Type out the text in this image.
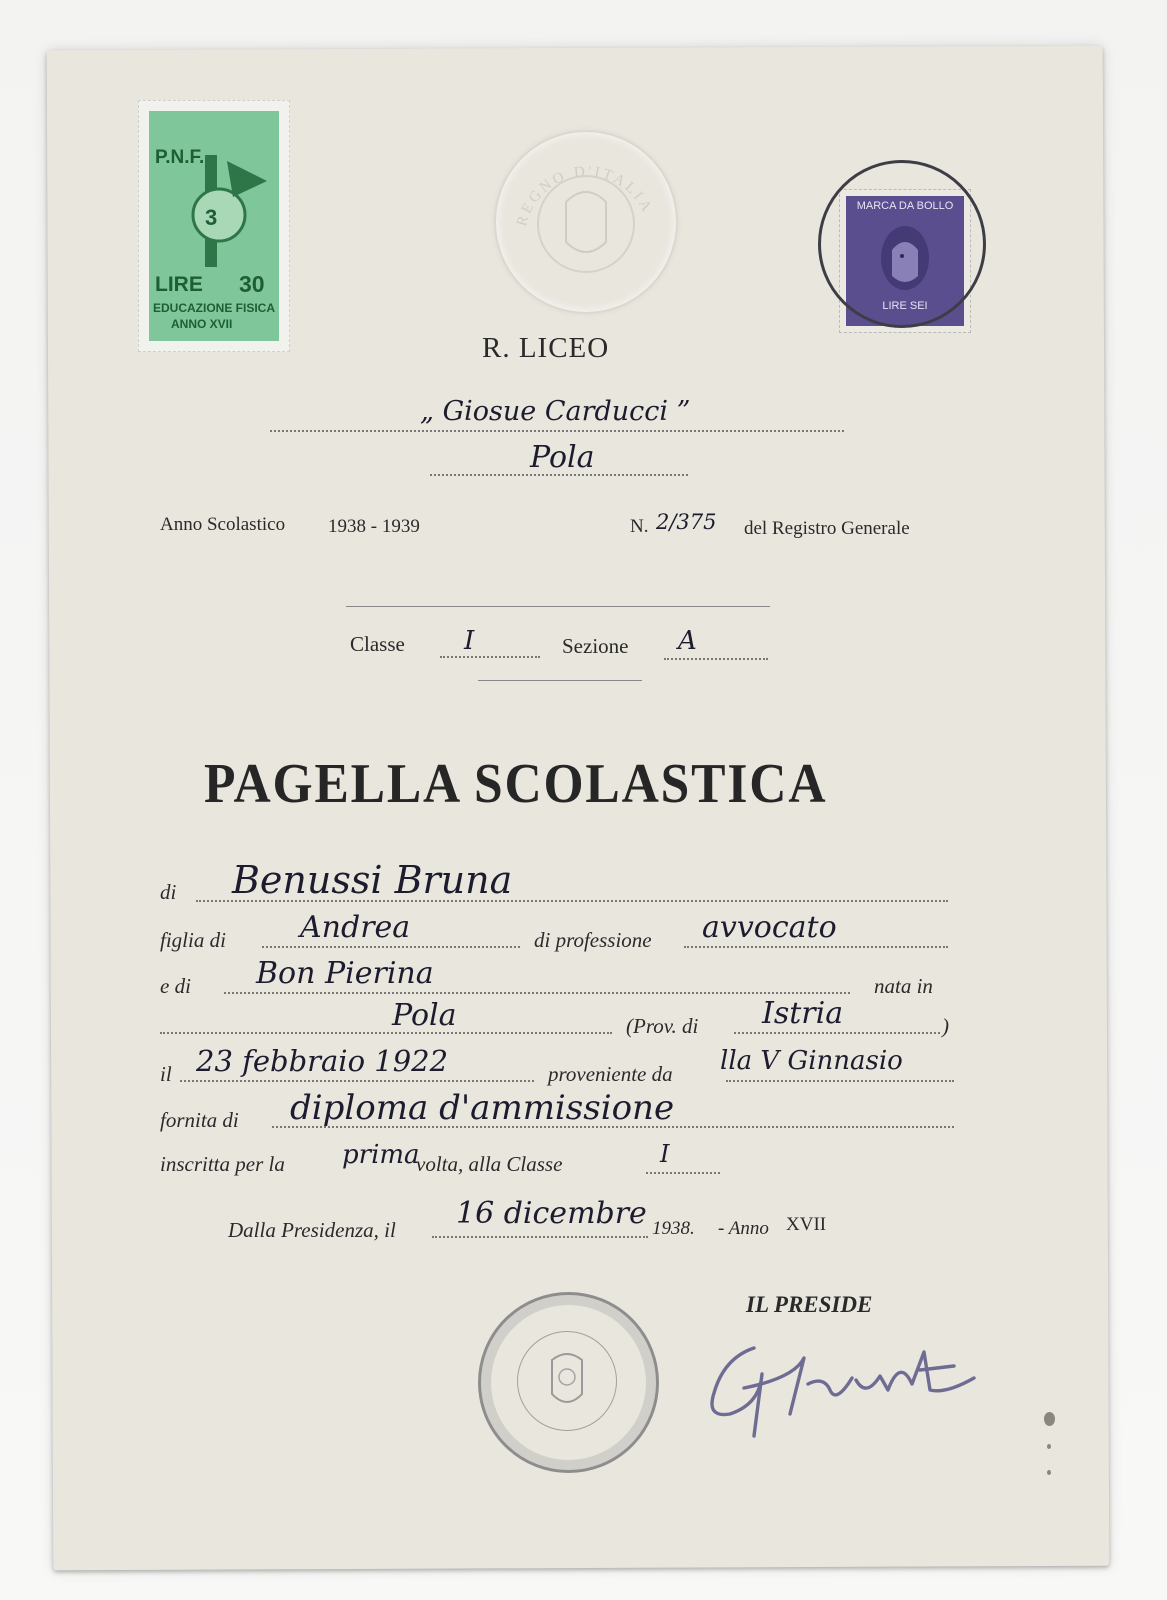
REGNO D'ITALIA
P.N.F.
3
LIRE 30
EDUCAZIONE FISICA
ANNO XVII
MARCA DA BOLLO
LIRE SEI
R. LICEO
„ Giosue Carducci ”
Pola
Anno Scolastico 1938 - 1939	N. 2/375 del Registro Generale
Classe I	Sezione A
PAGELLA SCOLASTICA
di Benussi Bruna
figlia di Andrea	di professione avvocato
e di Bon Pierina	nata in
Pola	(Prov. di Istria	)
il 23 febbraio 1922	proveniente da lla V Ginnasio
fornita di diploma d'ammissione
inscritta per la prima
volta, alla Classe	I
Dalla Presidenza, il 16 dicembre 1938. - Anno XVII
IL PRESIDE
